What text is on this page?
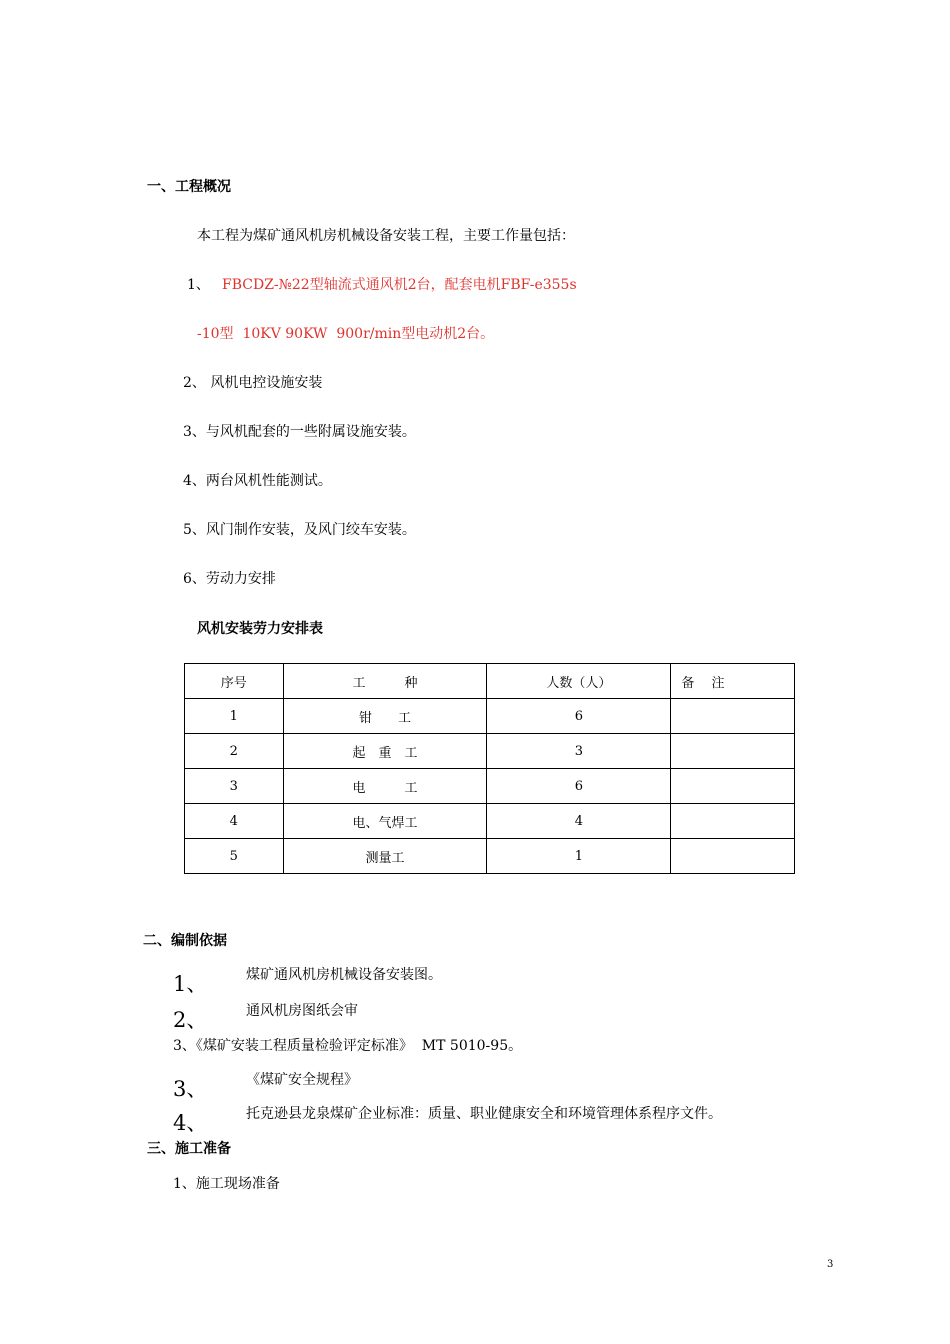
一、工程概况
本工程为煤矿通风机房机械设备安装工程，主要工作量包括：
1、 FBCDZ-№22型轴流式通风机2台，配套电机FBF-e355s
-10型  10KV 90KW  900r/min型电动机2台。
2、 风机电控设施安装
3、与风机配套的一些附属设施安装。
4、两台风机性能测试。
5、风门制作安装，及风门绞车安装。
6、劳动力安排
风机安装劳力安排表
序号	工　　　种	人数（人）	备　 注
1	钳　　工	6	
2	起　重　工	3	
3	电　　　工	6	
4	电、气焊工	4	
5	测量工	1	
二、编制依据
1、	煤矿通风机房机械设备安装图。
2、	通风机房图纸会审
3、《煤矿安装工程质量检验评定标准》  MT 5010-95。
3、	《煤矿安全规程》
4、	托克逊县龙泉煤矿企业标准：质量、职业健康安全和环境管理体系程序文件。
三、施工准备
1、施工现场准备
3
